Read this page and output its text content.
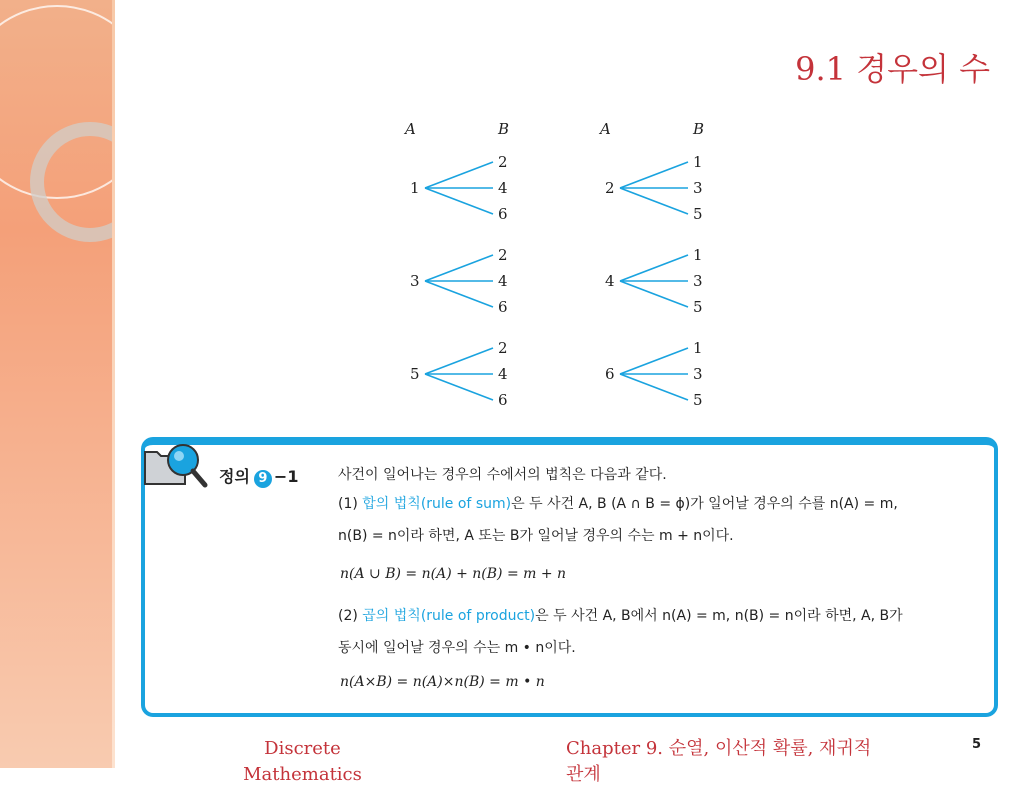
9.1 경우의 수
A	B	A	B
1
2
4
6
2
1
3
5
3
2
4
6
4
1
3
5
5
2
4
6
6
1
3
5
정의 9 −1	사건이 일어나는 경우의 수에서의 법칙은 다음과 같다.
(1) 합의 법칙(rule of sum)은 두 사건 A, B (A ∩ B = ϕ)가 일어날 경우의 수를 n(A) = m,
n(B) = n이라 하면, A 또는 B가 일어날 경우의 수는 m + n이다.
n(A ∪ B) = n(A) + n(B) = m + n
(2) 곱의 법칙(rule of product)은 두 사건 A, B에서 n(A) = m, n(B) = n이라 하면, A, B가
동시에 일어날 경우의 수는 m • n이다.
n(A×B) = n(A)×n(B) = m • n
Discrete
Mathematics
Chapter 9. 순열, 이산적 확률, 재귀적
관계
5
